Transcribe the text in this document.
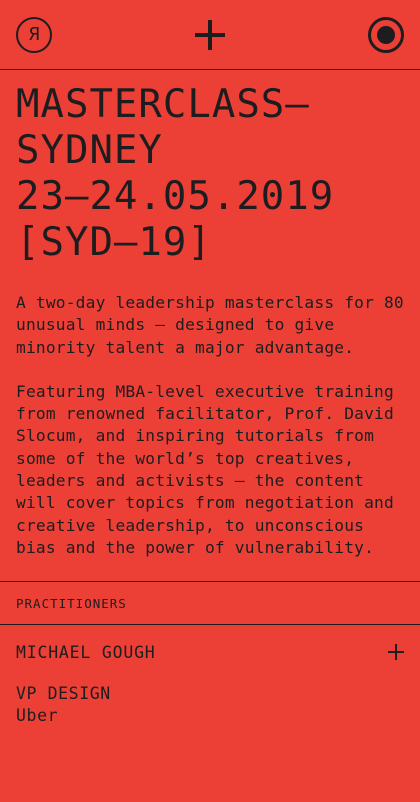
Я
MASTERCLASS—
SYDNEY
23–24.05.2019
[SYD–19]

A two-day leadership masterclass for 80 unusual minds — designed to give minority talent a major advantage.

Featuring MBA-level executive training from renowned facilitator, Prof. David Slocum, and inspiring tutorials from some of the world’s top creatives, leaders and activists — the content will cover topics from negotiation and creative leadership, to unconscious bias and the power of vulnerability.

PRACTITIONERS
MICHAEL GOUGH
VP DESIGN
Uber
